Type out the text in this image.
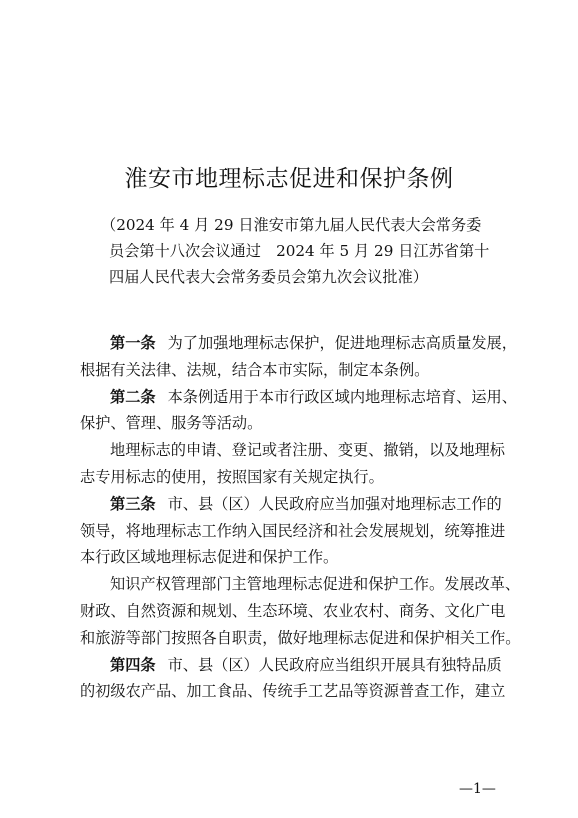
淮安市地理标志促进和保护条例
（2024 年 4 月 29 日淮安市第九届人民代表大会常务委
员会第十八次会议通过　2024 年 5 月 29 日江苏省第十
四届人民代表大会常务委员会第九次会议批准）
第一条 为了加强地理标志保护，促进地理标志高质量发展，
根据有关法律、法规，结合本市实际，制定本条例。
第二条 本条例适用于本市行政区域内地理标志培育、运用、
保护、管理、服务等活动。
地理标志的申请、登记或者注册、变更、撤销，以及地理标
志专用标志的使用，按照国家有关规定执行。
第三条 市、县（区）人民政府应当加强对地理标志工作的
领导，将地理标志工作纳入国民经济和社会发展规划，统筹推进
本行政区域地理标志促进和保护工作。
知识产权管理部门主管地理标志促进和保护工作。发展改革、
财政、自然资源和规划、生态环境、农业农村、商务、文化广电
和旅游等部门按照各自职责，做好地理标志促进和保护相关工作。
第四条 市、县（区）人民政府应当组织开展具有独特品质
的初级农产品、加工食品、传统手工艺品等资源普查工作，建立
—1—
